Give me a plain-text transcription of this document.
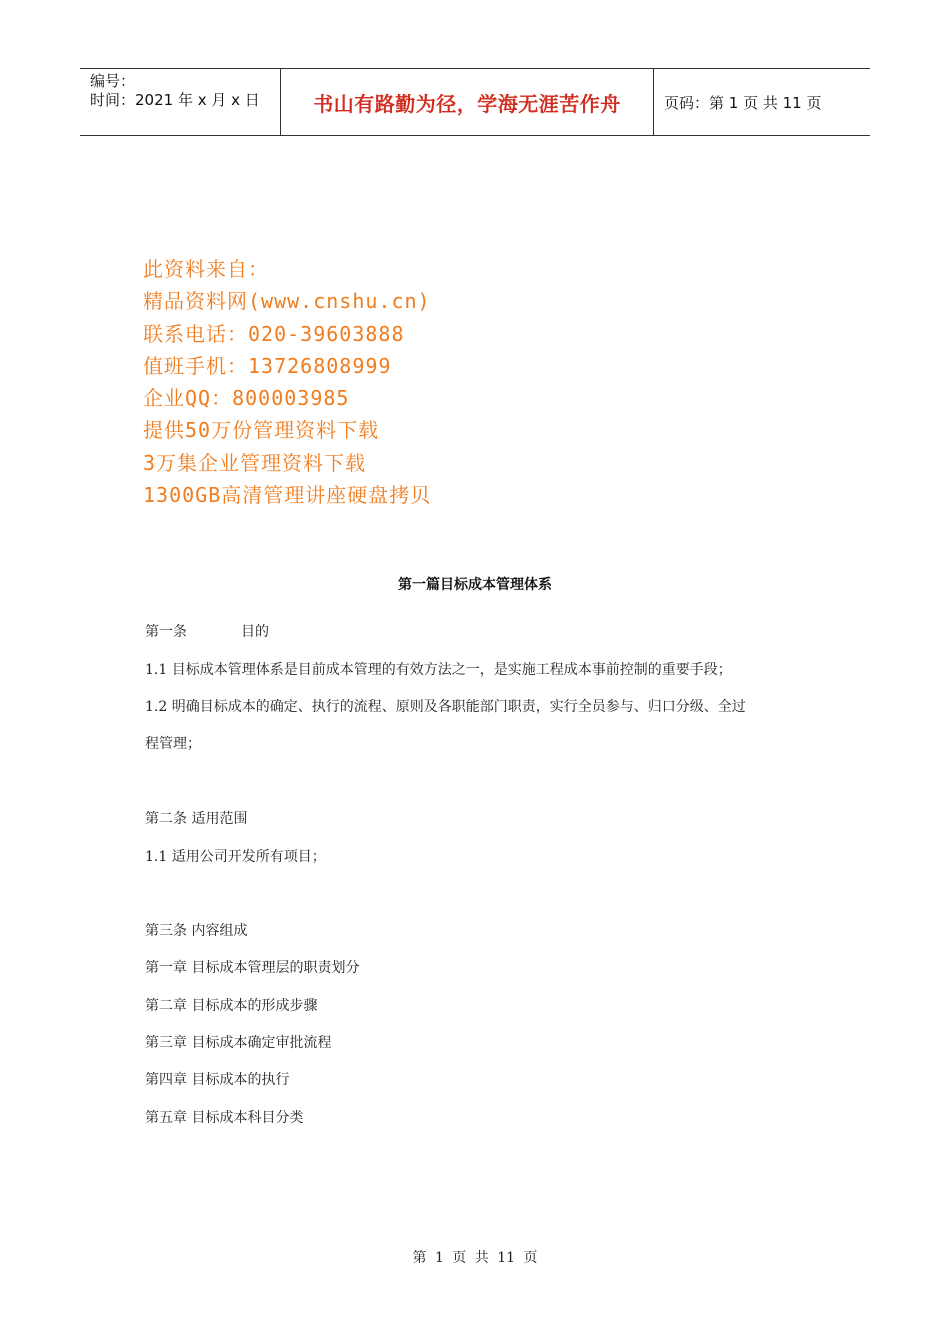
编号：
时间：2021 年 x 月 x 日	书山有路勤为径，学海无涯苦作舟	页码：第 1 页 共 11 页
此资料来自：
精品资料网(www.cnshu.cn)
联系电话：020-39603888
值班手机：13726808999
企业QQ：800003985
提供50万份管理资料下载
3万集企业管理资料下载
1300GB高清管理讲座硬盘拷贝
第一篇目标成本管理体系
第一条	目的
1.1 目标成本管理体系是目前成本管理的有效方法之一，是实施工程成本事前控制的重要手段；
1.2 明确目标成本的确定、执行的流程、原则及各职能部门职责，实行全员参与、归口分级、全过
程管理；
第二条 适用范围
1.1 适用公司开发所有项目；
第三条 内容组成
第一章 目标成本管理层的职责划分
第二章 目标成本的形成步骤
第三章 目标成本确定审批流程
第四章 目标成本的执行
第五章 目标成本科目分类
第 1 页 共 11 页
